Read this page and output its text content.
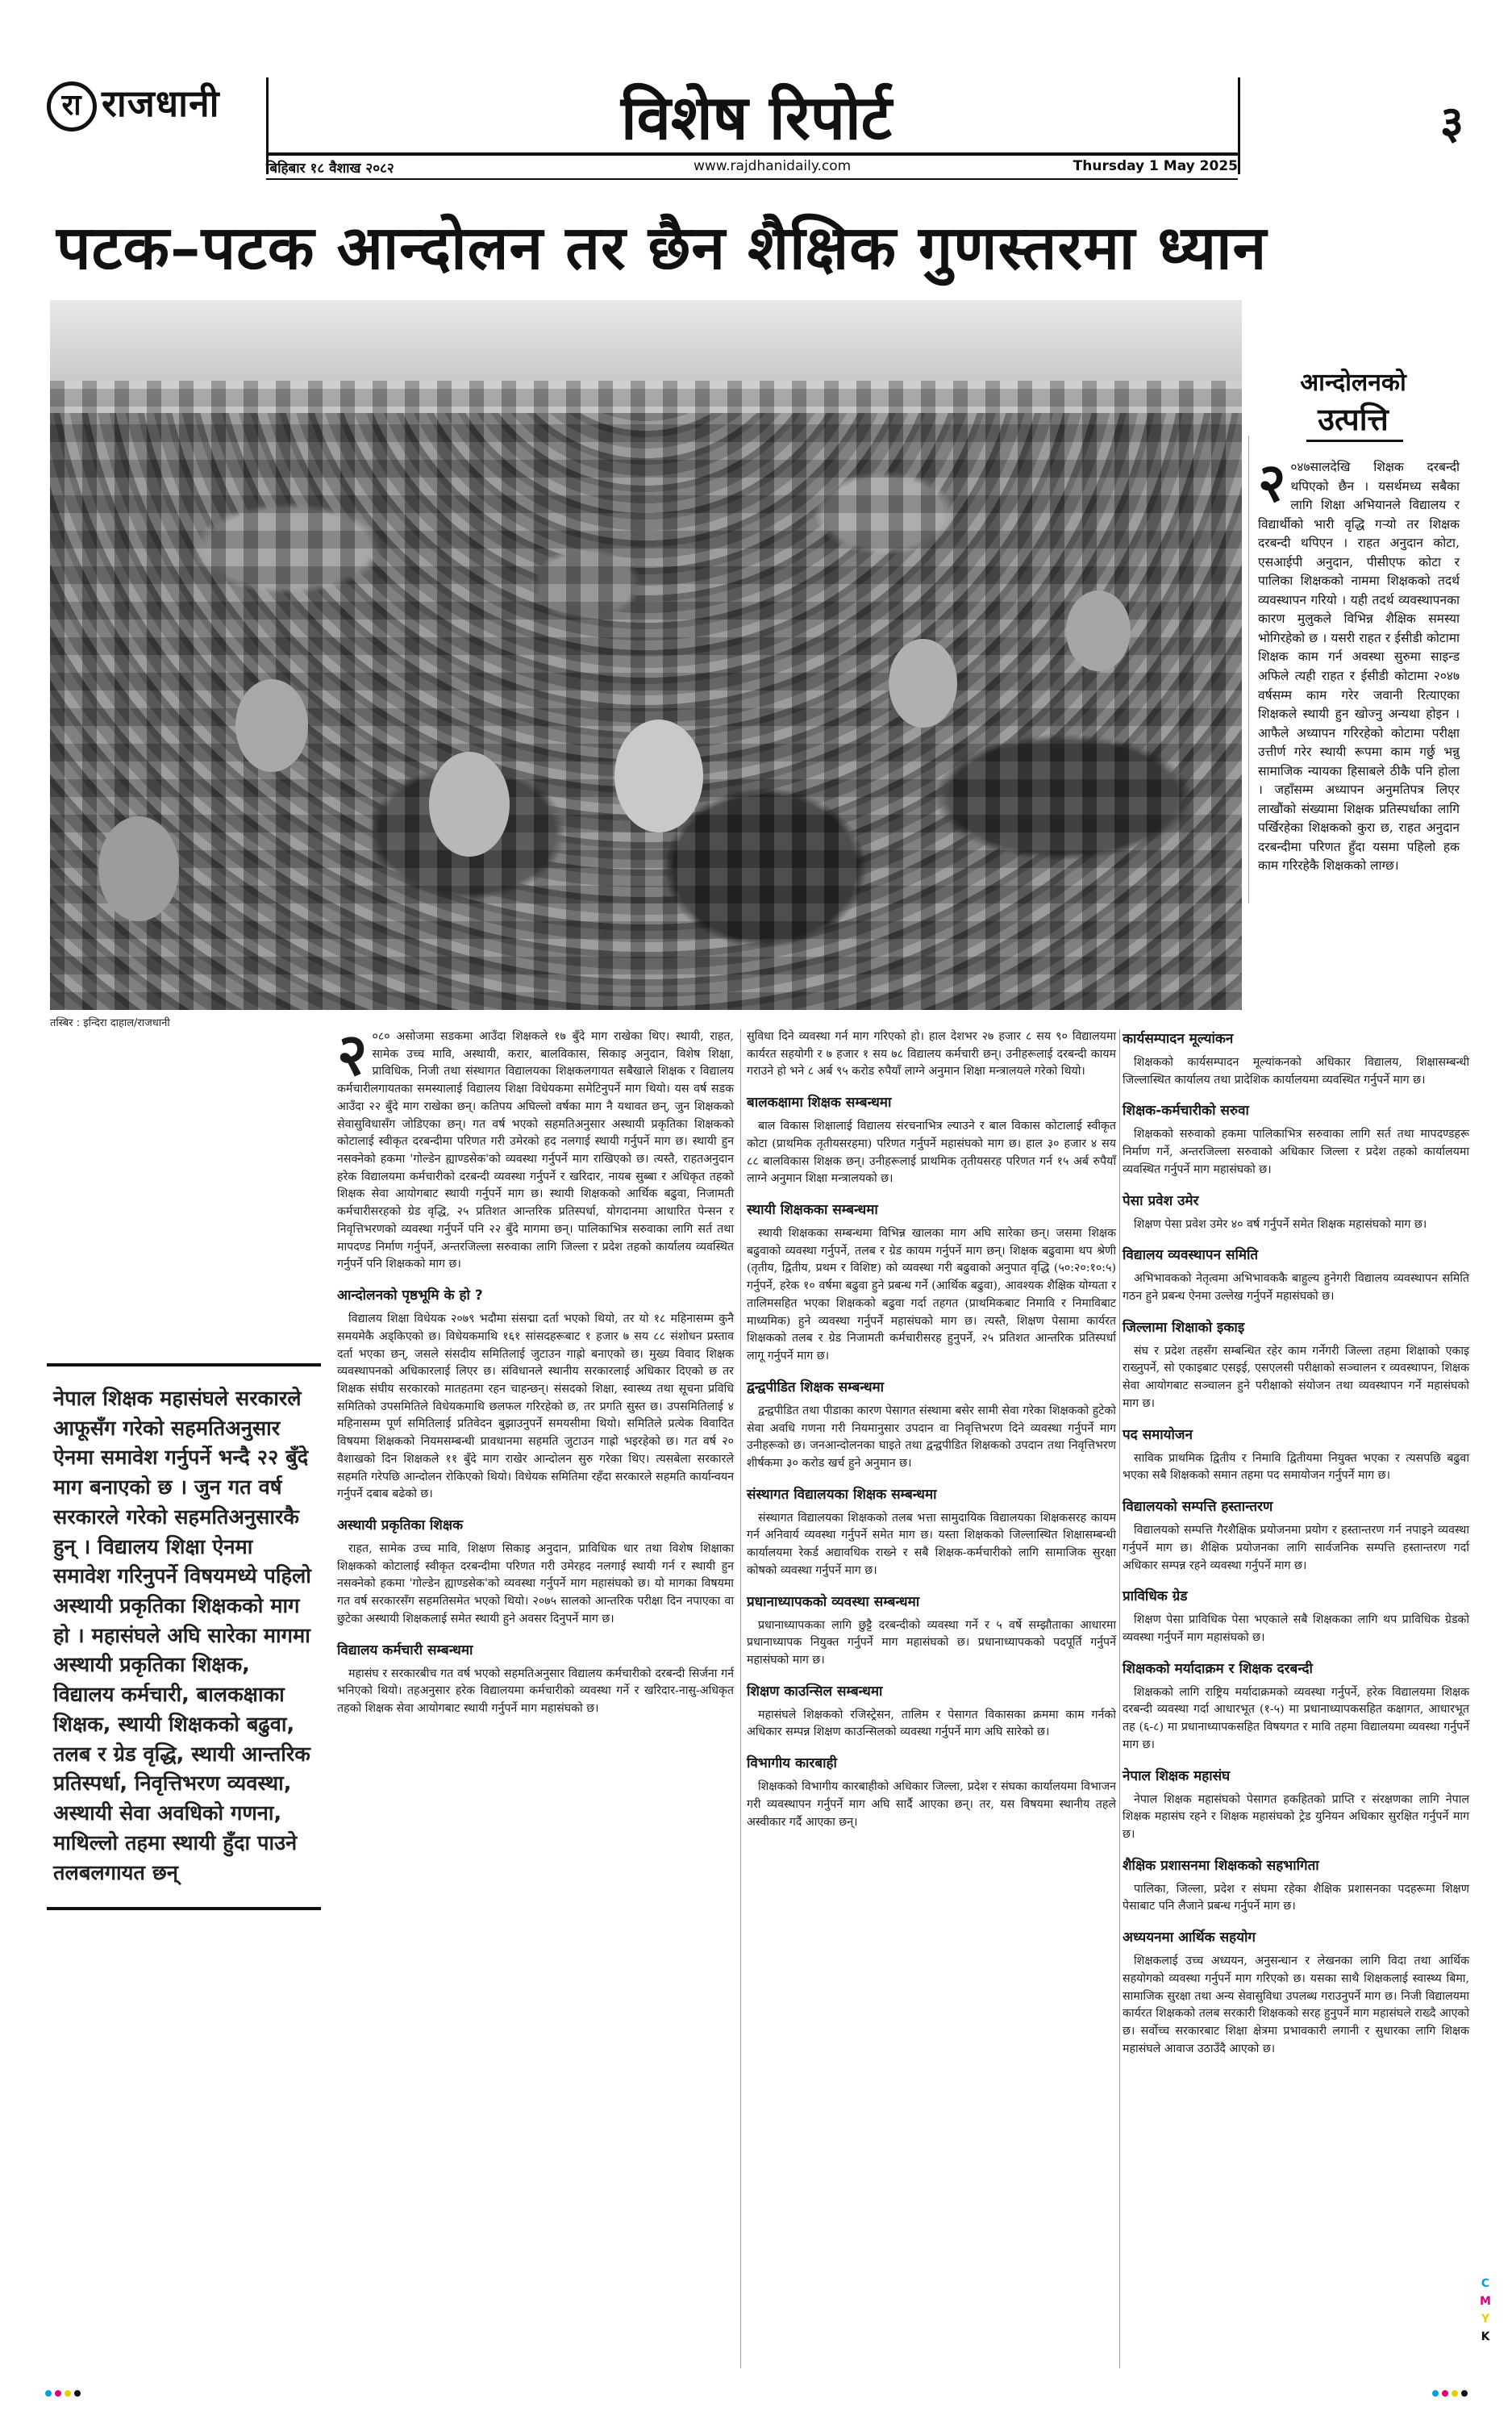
रा राजधानी	विशेष रिपोर्ट	३
बिहिबार १८ वैशाख २०८२	www.rajdhanidaily.com	Thursday 1 May 2025
पटक–पटक आन्दोलन तर छैन शैक्षिक गुणस्तरमा ध्यान
तस्बिर : इन्दिरा दाहाल/राजधानी
आन्दोलनको
उत्पत्ति
२ ०४७सालदेखि शिक्षक दरबन्दी थपिएको छैन । यसर्थमध्य सबैका लागि शिक्षा अभियानले विद्यालय र विद्यार्थीको भारी वृद्धि गर्‍यो तर शिक्षक दरबन्दी थपिएन । राहत अनुदान कोटा, एसआईपी अनुदान, पीसीएफ कोटा र पालिका शिक्षकको नाममा शिक्षकको तदर्थ व्यवस्थापन गरियो । यही तदर्थ व्यवस्थापनका कारण मुलुकले विभिन्न शैक्षिक समस्या भोगिरहेको छ । यसरी राहत र ईसीडी कोटामा शिक्षक काम गर्न अवस्था सुरुमा साइन्ड अफिले त्यही राहत र ईसीडी कोटामा २०४७ वर्षसम्म काम गरेर जवानी रित्याएका शिक्षकले स्थायी हुन खोज्नु अन्यथा होइन । आफैले अध्यापन गरिरहेको कोटामा परीक्षा उत्तीर्ण गरेर स्थायी रूपमा काम गर्छु भन्नु सामाजिक न्यायका हिसाबले ठीकै पनि होला । जहाँसम्म अध्यापन अनुमतिपत्र लिएर लाखौंको संख्यामा शिक्षक प्रतिस्पर्धाका लागि पर्खिरहेका शिक्षकको कुरा छ, राहत अनुदान दरबन्दीमा परिणत हुँदा यसमा पहिलो हक काम गरिरहेकै शिक्षकको लाग्छ।

नेपाल शिक्षक महासंघले सरकारले आफूसँग गरेको सहमतिअनुसार ऐनमा समावेश गर्नुपर्ने भन्दै २२ बुँदे माग बनाएको छ । जुन गत वर्ष सरकारले गरेको सहमतिअनुसारकै हुन् । विद्यालय शिक्षा ऐनमा समावेश गरिनुपर्ने विषयमध्ये पहिलो अस्थायी प्रकृतिका शिक्षकको माग हो । महासंघले अघि सारेका मागमा अस्थायी प्रकृतिका शिक्षक, विद्यालय कर्मचारी, बालकक्षाका शिक्षक, स्थायी शिक्षकको बढुवा, तलब र ग्रेड वृद्धि, स्थायी आन्तरिक प्रतिस्पर्धा, निवृत्तिभरण व्यवस्था, अस्थायी सेवा अवधिको गणना, माथिल्लो तहमा स्थायी हुँदा पाउने तलबलगायत छन्

२ ०८० असोजमा सडकमा आउँदा शिक्षकले १७ बुँदे माग राखेका थिए। स्थायी, राहत, सामेक उच्च मावि, अस्थायी, करार, बालविकास, सिकाइ अनुदान, विशेष शिक्षा, प्राविधिक, निजी तथा संस्थागत विद्यालयका शिक्षकलगायत सबैखाले शिक्षक र विद्यालय कर्मचारीलगायतका समस्यालाई विद्यालय शिक्षा विधेयकमा समेटिनुपर्ने माग थियो। यस वर्ष सडक आउँदा २२ बुँदे माग राखेका छन्। कतिपय अघिल्लो वर्षका माग नै यथावत छन्, जुन शिक्षकको सेवासुविधासँग जोडिएका छन्। गत वर्ष भएको सहमतिअनुसार अस्थायी प्रकृतिका शिक्षकको कोटालाई स्वीकृत दरबन्दीमा परिणत गरी उमेरको हद नलगाई स्थायी गर्नुपर्ने माग छ। स्थायी हुन नसक्नेको हकमा 'गोल्डेन ह्याण्डसेक'को व्यवस्था गर्नुपर्ने माग राखिएको छ। त्यस्तै, राहतअनुदान हरेक विद्यालयमा कर्मचारीको दरबन्दी व्यवस्था गर्नुपर्ने र खरिदार, नायब सुब्बा र अधिकृत तहको शिक्षक सेवा आयोगबाट स्थायी गर्नुपर्ने माग छ। स्थायी शिक्षकको आर्थिक बढुवा, निजामती कर्मचारीसरहको ग्रेड वृद्धि, २५ प्रतिशत आन्तरिक प्रतिस्पर्धा, योगदानमा आधारित पेन्सन र निवृत्तिभरणको व्यवस्था गर्नुपर्ने पनि २२ बुँदे मागमा छन्। पालिकाभित्र सरुवाका लागि सर्त तथा मापदण्ड निर्माण गर्नुपर्ने, अन्तरजिल्ला सरुवाका लागि जिल्ला र प्रदेश तहको कार्यालय व्यवस्थित गर्नुपर्ने पनि शिक्षकको माग छ।

आन्दोलनको पृष्ठभूमि के हो ?

विद्यालय शिक्षा विधेयक २०७९ भदौमा संसद्मा दर्ता भएको थियो, तर यो १८ महिनासम्म कुनै समयमेकै अड्किएको छ। विधेयकमाथि १६१ सांसदहरूबाट १ हजार ७ सय ८८ संशोधन प्रस्ताव दर्ता भएका छन्, जसले संसदीय समितिलाई जुटाउन गाह्रो बनाएको छ। मुख्य विवाद शिक्षक व्यवस्थापनको अधिकारलाई लिएर छ। संविधानले स्थानीय सरकारलाई अधिकार दिएको छ तर शिक्षक संघीय सरकारको मातहतमा रहन चाहन्छन्। संसदको शिक्षा, स्वास्थ्य तथा सूचना प्रविधि समितिको उपसमितिले विधेयकमाथि छलफल गरिरहेको छ, तर प्रगति सुस्त छ। उपसमितिलाई ४ महिनासम्म पूर्ण समितिलाई प्रतिवेदन बुझाउनुपर्ने समयसीमा थियो। समितिले प्रत्येक विवादित विषयमा शिक्षकको नियमसम्बन्धी प्रावधानमा सहमति जुटाउन गाह्रो भइरहेको छ। गत वर्ष २० वैशाखको दिन शिक्षकले ११ बुँदे माग राखेर आन्दोलन सुरु गरेका थिए। त्यसबेला सरकारले सहमति गरेपछि आन्दोलन रोकिएको थियो। विधेयक समितिमा रहँदा सरकारले सहमति कार्यान्वयन गर्नुपर्ने दबाब बढेको छ।

अस्थायी प्रकृतिका शिक्षक

राहत, सामेक उच्च मावि, शिक्षण सिकाइ अनुदान, प्राविधिक धार तथा विशेष शिक्षाका शिक्षकको कोटालाई स्वीकृत दरबन्दीमा परिणत गरी उमेरहद नलगाई स्थायी गर्न र स्थायी हुन नसक्नेको हकमा 'गोल्डेन ह्याण्डसेक'को व्यवस्था गर्नुपर्ने माग महासंघको छ। यो मागका विषयमा गत वर्ष सरकारसँग सहमतिसमेत भएको थियो। २०७५ सालको आन्तरिक परीक्षा दिन नपाएका वा छुटेका अस्थायी शिक्षकलाई समेत स्थायी हुने अवसर दिनुपर्ने माग छ।

विद्यालय कर्मचारी सम्बन्धमा

महासंघ र सरकारबीच गत वर्ष भएको सहमतिअनुसार विद्यालय कर्मचारीको दरबन्दी सिर्जना गर्न भनिएको थियो। तहअनुसार हरेक विद्यालयमा कर्मचारीको व्यवस्था गर्ने र खरिदार-नासु-अधिकृत तहको शिक्षक सेवा आयोगबाट स्थायी गर्नुपर्ने माग महासंघको छ।

सुविधा दिने व्यवस्था गर्न माग गरिएको हो। हाल देशभर २७ हजार ८ सय ९० विद्यालयमा कार्यरत सहयोगी र ७ हजार १ सय ७८ विद्यालय कर्मचारी छन्। उनीहरूलाई दरबन्दी कायम गराउने हो भने ८ अर्ब ९५ करोड रुपैयाँ लाग्ने अनुमान शिक्षा मन्त्रालयले गरेको थियो।

बालकक्षामा शिक्षक सम्बन्धमा

बाल विकास शिक्षालाई विद्यालय संरचनाभित्र ल्याउने र बाल विकास कोटालाई स्वीकृत कोटा (प्राथमिक तृतीयसरहमा) परिणत गर्नुपर्ने महासंघको माग छ। हाल ३० हजार ४ सय ८८ बालविकास शिक्षक छन्। उनीहरूलाई प्राथमिक तृतीयसरह परिणत गर्न १५ अर्ब रुपैयाँ लाग्ने अनुमान शिक्षा मन्त्रालयको छ।

स्थायी शिक्षकका सम्बन्धमा

स्थायी शिक्षकका सम्बन्धमा विभिन्न खालका माग अघि सारेका छन्। जसमा शिक्षक बढुवाको व्यवस्था गर्नुपर्ने, तलब र ग्रेड कायम गर्नुपर्ने माग छन्। शिक्षक बढुवामा थप श्रेणी (तृतीय, द्वितीय, प्रथम र विशिष्ट) को व्यवस्था गरी बढुवाको अनुपात वृद्धि (५०:२०:१०:५) गर्नुपर्ने, हरेक १० वर्षमा बढुवा हुने प्रबन्ध गर्ने (आर्थिक बढुवा), आवश्यक शैक्षिक योग्यता र तालिमसहित भएका शिक्षकको बढुवा गर्दा तहगत (प्राथमिकबाट निमावि र निमाविबाट माध्यमिक) हुने व्यवस्था गर्नुपर्ने महासंघको माग छ। त्यस्तै, शिक्षण पेसामा कार्यरत शिक्षकको तलब र ग्रेड निजामती कर्मचारीसरह हुनुपर्ने, २५ प्रतिशत आन्तरिक प्रतिस्पर्धा लागू गर्नुपर्ने माग छ।

द्वन्द्वपीडित शिक्षक सम्बन्धमा

द्वन्द्वपीडित तथा पीडाका कारण पेसागत संस्थामा बसेर सामी सेवा गरेका शिक्षकको हुटेको सेवा अवधि गणना गरी नियमानुसार उपदान वा निवृत्तिभरण दिने व्यवस्था गर्नुपर्ने माग उनीहरूको छ। जनआन्दोलनका घाइते तथा द्वन्द्वपीडित शिक्षकको उपदान तथा निवृत्तिभरण शीर्षकमा ३० करोड खर्च हुने अनुमान छ।

संस्थागत विद्यालयका शिक्षक सम्बन्धमा

संस्थागत विद्यालयका शिक्षकको तलब भत्ता सामुदायिक विद्यालयका शिक्षकसरह कायम गर्न अनिवार्य व्यवस्था गर्नुपर्ने समेत माग छ। यस्ता शिक्षकको जिल्लास्थित शिक्षासम्बन्धी कार्यालयमा रेकर्ड अद्यावधिक राख्ने र सबै शिक्षक-कर्मचारीको लागि सामाजिक सुरक्षा कोषको व्यवस्था गर्नुपर्ने माग छ।

प्रधानाध्यापकको व्यवस्था सम्बन्धमा

प्रधानाध्यापकका लागि छुट्टै दरबन्दीको व्यवस्था गर्ने र ५ वर्षे सम्झौताका आधारमा प्रधानाध्यापक नियुक्त गर्नुपर्ने माग महासंघको छ। प्रधानाध्यापकको पदपूर्ति गर्नुपर्ने महासंघको माग छ।

शिक्षण काउन्सिल सम्बन्धमा

महासंघले शिक्षकको रजिस्ट्रेसन, तालिम र पेसागत विकासका क्रममा काम गर्नको अधिकार सम्पन्न शिक्षण काउन्सिलको व्यवस्था गर्नुपर्ने माग अघि सारेको छ।

विभागीय कारबाही

शिक्षकको विभागीय कारबाहीको अधिकार जिल्ला, प्रदेश र संघका कार्यालयमा विभाजन गरी व्यवस्थापन गर्नुपर्ने माग अघि सार्दै आएका छन्। तर, यस विषयमा स्थानीय तहले अस्वीकार गर्दै आएका छन्।

कार्यसम्पादन मूल्यांकन

शिक्षकको कार्यसम्पादन मूल्यांकनको अधिकार विद्यालय, शिक्षासम्बन्धी जिल्लास्थित कार्यालय तथा प्रादेशिक कार्यालयमा व्यवस्थित गर्नुपर्ने माग छ।

शिक्षक-कर्मचारीको सरुवा

शिक्षकको सरुवाको हकमा पालिकाभित्र सरुवाका लागि सर्त तथा मापदण्डहरू निर्माण गर्ने, अन्तरजिल्ला सरुवाको अधिकार जिल्ला र प्रदेश तहको कार्यालयमा व्यवस्थित गर्नुपर्ने माग महासंघको छ।

पेसा प्रवेश उमेर

शिक्षण पेसा प्रवेश उमेर ४० वर्ष गर्नुपर्ने समेत शिक्षक महासंघको माग छ।

विद्यालय व्यवस्थापन समिति

अभिभावकको नेतृत्वमा अभिभावककै बाहुल्य हुनेगरी विद्यालय व्यवस्थापन समिति गठन हुने प्रबन्ध ऐनमा उल्लेख गर्नुपर्ने महासंघको छ।

जिल्लामा शिक्षाको इकाइ

संघ र प्रदेश तहसँग सम्बन्धित रहेर काम गर्नेगरी जिल्ला तहमा शिक्षाको एकाइ राख्नुपर्ने, सो एकाइबाट एसइई, एसएलसी परीक्षाको सञ्चालन र व्यवस्थापन, शिक्षक सेवा आयोगबाट सञ्चालन हुने परीक्षाको संयोजन तथा व्यवस्थापन गर्ने महासंघको माग छ।

पद समायोजन

साविक प्राथमिक द्वितीय र निमावि द्वितीयमा नियुक्त भएका र त्यसपछि बढुवा भएका सबै शिक्षकको समान तहमा पद समायोजन गर्नुपर्ने माग छ।

विद्यालयको सम्पत्ति हस्तान्तरण

विद्यालयको सम्पत्ति गैरशैक्षिक प्रयोजनमा प्रयोग र हस्तान्तरण गर्न नपाइने व्यवस्था गर्नुपर्ने माग छ। शैक्षिक प्रयोजनका लागि सार्वजनिक सम्पत्ति हस्तान्तरण गर्दा अधिकार सम्पन्न रहने व्यवस्था गर्नुपर्ने माग छ।

प्राविधिक ग्रेड

शिक्षण पेसा प्राविधिक पेसा भएकाले सबै शिक्षकका लागि थप प्राविधिक ग्रेडको व्यवस्था गर्नुपर्ने माग महासंघको छ।

शिक्षकको मर्यादाक्रम र शिक्षक दरबन्दी

शिक्षकको लागि राष्ट्रिय मर्यादाक्रमको व्यवस्था गर्नुपर्ने, हरेक विद्यालयमा शिक्षक दरबन्दी व्यवस्था गर्दा आधारभूत (१-५) मा प्रधानाध्यापकसहित कक्षागत, आधारभूत तह (६-८) मा प्रधानाध्यापकसहित विषयगत र मावि तहमा विद्यालयमा व्यवस्था गर्नुपर्ने माग छ।

नेपाल शिक्षक महासंघ

नेपाल शिक्षक महासंघको पेसागत हकहितको प्राप्ति र संरक्षणका लागि नेपाल शिक्षक महासंघ रहने र शिक्षक महासंघको ट्रेड युनियन अधिकार सुरक्षित गर्नुपर्ने माग छ।

शैक्षिक प्रशासनमा शिक्षकको सहभागिता

पालिका, जिल्ला, प्रदेश र संघमा रहेका शैक्षिक प्रशासनका पदहरूमा शिक्षण पेसाबाट पनि लैजाने प्रबन्ध गर्नुपर्ने माग छ।

अध्ययनमा आर्थिक सहयोग

शिक्षकलाई उच्च अध्ययन, अनुसन्धान र लेखनका लागि विदा तथा आर्थिक सहयोगको व्यवस्था गर्नुपर्ने माग गरिएको छ। यसका साथै शिक्षकलाई स्वास्थ्य बिमा, सामाजिक सुरक्षा तथा अन्य सेवासुविधा उपलब्ध गराउनुपर्ने माग छ। निजी विद्यालयमा कार्यरत शिक्षकको तलब सरकारी शिक्षकको सरह हुनुपर्ने माग महासंघले राख्दै आएको छ। सर्वोच्च सरकारबाट शिक्षा क्षेत्रमा प्रभावकारी लगानी र सुधारका लागि शिक्षक महासंघले आवाज उठाउँदै आएको छ।

C
M
Y
K
